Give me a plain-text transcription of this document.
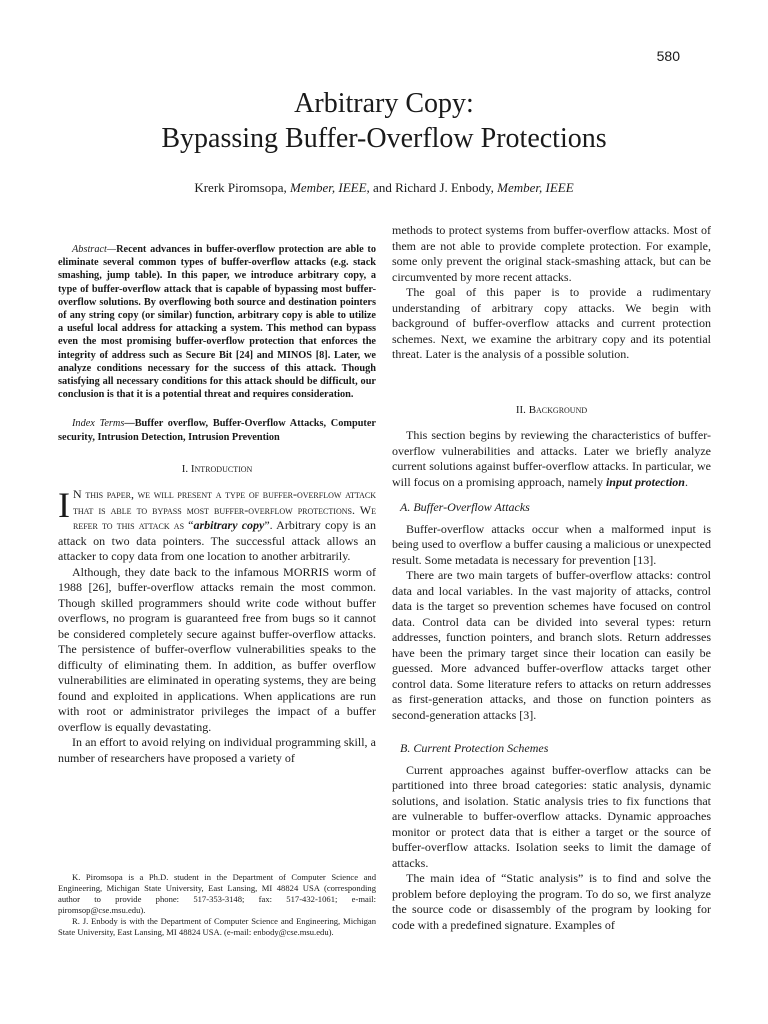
580
Arbitrary Copy:
Bypassing Buffer-Overflow Protections
Krerk Piromsopa, Member, IEEE, and Richard J. Enbody, Member, IEEE

Abstract—Recent advances in buffer-overflow protection are able to eliminate several common types of buffer-overflow attacks (e.g. stack smashing, jump table). In this paper, we introduce arbitrary copy, a type of buffer-overflow attack that is capable of bypassing most buffer-overflow solutions. By overflowing both source and destination pointers of any string copy (or similar) function, arbitrary copy is able to utilize a useful local address for attacking a system. This method can bypass even the most promising buffer-overflow protection that enforces the integrity of address such as Secure Bit [24] and MINOS [8]. Later, we analyze conditions necessary for the success of this attack. Though satisfying all necessary conditions for this attack should be difficult, our conclusion is that it is a potential threat and requires consideration.

Index Terms—Buffer overflow, Buffer-Overflow Attacks, Computer security, Intrusion Detection, Intrusion Prevention

I. Introduction

I N this paper, we will present a type of buffer-overflow attack that is able to bypass most buffer-overflow protections. We refer to this attack as “arbitrary copy”. Arbitrary copy is an attack on two data pointers. The successful attack allows an attacker to copy data from one location to another arbitrarily.

Although, they date back to the infamous MORRIS worm of 1988 [26], buffer-overflow attacks remain the most common. Though skilled programmers should write code without buffer overflows, no program is guaranteed free from bugs so it cannot be considered completely secure against buffer-overflow attacks. The persistence of buffer-overflow vulnerabilities speaks to the difficulty of eliminating them. In addition, as buffer overflow vulnerabilities are eliminated in operating systems, they are being found and exploited in applications. When applications are run with root or administrator privileges the impact of a buffer overflow is equally devastating.

In an effort to avoid relying on individual programming skill, a number of researchers have proposed a variety of

K. Piromsopa is a Ph.D. student in the Department of Computer Science and Engineering, Michigan State University, East Lansing, MI 48824 USA (corresponding author to provide phone: 517-353-3148; fax: 517-432-1061; e-mail: piromsop@cse.msu.edu).

R. J. Enbody is with the Department of Computer Science and Engineering, Michigan State University, East Lansing, MI 48824 USA. (e-mail: enbody@cse.msu.edu).

methods to protect systems from buffer-overflow attacks. Most of them are not able to provide complete protection. For example, some only prevent the original stack-smashing attack, but can be circumvented by more recent attacks.

The goal of this paper is to provide a rudimentary understanding of arbitrary copy attacks. We begin with background of buffer-overflow attacks and current protection schemes. Next, we examine the arbitrary copy and its potential threat. Later is the analysis of a possible solution.

II. Background

This section begins by reviewing the characteristics of buffer-overflow vulnerabilities and attacks. Later we briefly analyze current solutions against buffer-overflow attacks. In particular, we will focus on a promising approach, namely input protection.

A. Buffer-Overflow Attacks

Buffer-overflow attacks occur when a malformed input is being used to overflow a buffer causing a malicious or unexpected result. Some metadata is necessary for prevention [13].

There are two main targets of buffer-overflow attacks: control data and local variables. In the vast majority of attacks, control data is the target so prevention schemes have focused on control data. Control data can be divided into several types: return addresses, function pointers, and branch slots. Return addresses have been the primary target since their location can easily be guessed. More advanced buffer-overflow attacks target other control data. Some literature refers to attacks on return addresses as first-generation attacks, and those on function pointers as second-generation attacks [3].

B. Current Protection Schemes

Current approaches against buffer-overflow attacks can be partitioned into three broad categories: static analysis, dynamic solutions, and isolation. Static analysis tries to fix functions that are vulnerable to buffer-overflow attacks. Dynamic approaches monitor or protect data that is either a target or the source of buffer-overflow attacks. Isolation seeks to limit the damage of attacks.

The main idea of “Static analysis” is to find and solve the problem before deploying the program. To do so, we first analyze the source code or disassembly of the program by looking for code with a predefined signature. Examples of
